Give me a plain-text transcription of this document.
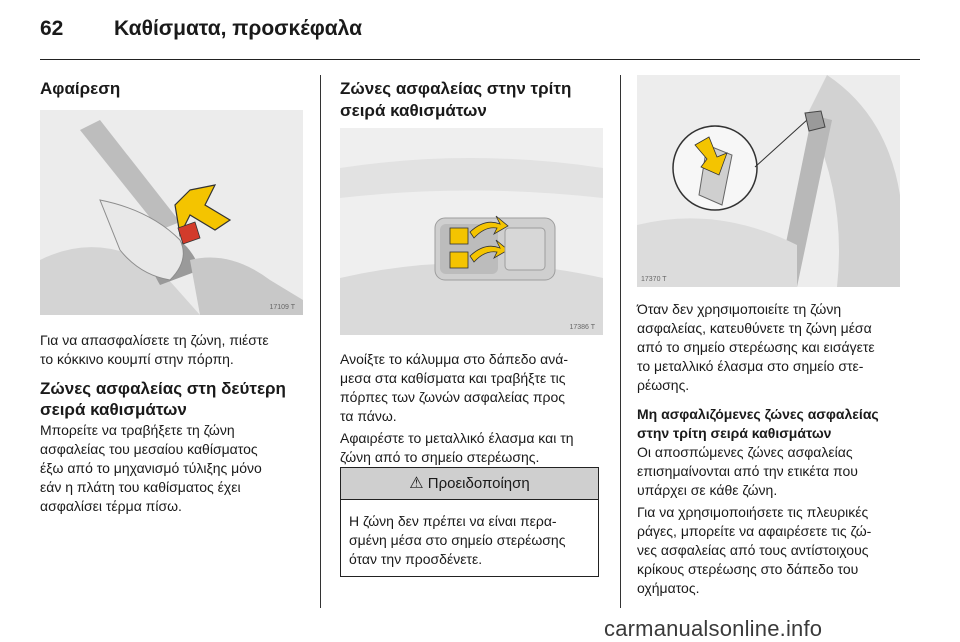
62 Καθίσματα, προσκέφαλα
Αφαίρεση
17109 T

Για να απασφαλίσετε τη ζώνη, πιέστε

το κόκκινο κουμπί στην πόρπη.

Ζώνες ασφαλείας στη δεύτερη
σειρά καθισμάτων

Μπορείτε να τραβήξετε τη ζώνη

ασφαλείας του μεσαίου καθίσματος

έξω από το μηχανισμό τύλιξης μόνο

εάν η πλάτη του καθίσματος έχει

ασφαλίσει τέρμα πίσω.

Ζώνες ασφαλείας στην τρίτη
σειρά καθισμάτων
17386 T

Ανοίξτε το κάλυμμα στο δάπεδο ανά-

μεσα στα καθίσματα και τραβήξτε τις

πόρπες των ζωνών ασφαλείας προς

τα πάνω.

Αφαιρέστε το μεταλλικό έλασμα και τη

ζώνη από το σημείο στερέωσης.

⚠ Προειδοποίηση
Η ζώνη δεν πρέπει να είναι περα-
σμένη μέσα στο σημείο στερέωσης
όταν την προσδένετε.
17370 T

Όταν δεν χρησιμοποιείτε τη ζώνη

ασφαλείας, κατευθύνετε τη ζώνη μέσα

από το σημείο στερέωσης και εισάγετε

το μεταλλικό έλασμα στο σημείο στε-

ρέωσης.

Μη ασφαλιζόμενες ζώνες ασφαλείας

στην τρίτη σειρά καθισμάτων

Οι αποσπώμενες ζώνες ασφαλείας

επισημαίνονται από την ετικέτα που

υπάρχει σε κάθε ζώνη.

Για να χρησιμοποιήσετε τις πλευρικές

ράγες, μπορείτε να αφαιρέσετε τις ζώ-

νες ασφαλείας από τους αντίστοιχους

κρίκους στερέωσης στο δάπεδο του

οχήματος.

carmanualsonline.info
